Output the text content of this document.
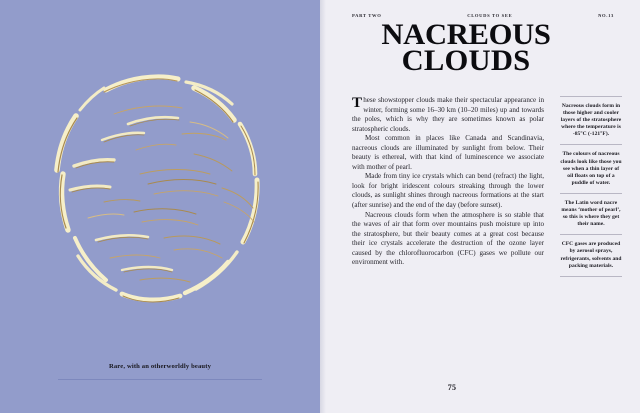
Rare, with an otherworldly beauty
PART TWO	CLOUDS TO SEE	NO.13
NACREOUS
CLOUDS

These showstopper clouds make their spectacular appearance in winter, forming some 16–30 km (10–20 miles) up and towards the poles, which is why they are sometimes known as polar stratospheric clouds.

Most common in places like Canada and Scandinavia, nacreous clouds are illuminated by sunlight from below. Their beauty is ethereal, with that kind of luminescence we associate with mother of pearl.

Made from tiny ice crystals which can bend (refract) the light, look for bright iridescent colours streaking through the lower clouds, as sunlight shines through nacreous formations at the start (after sunrise) and the end of the day (before sunset).

Nacreous clouds form when the atmosphere is so stable that the waves of air that form over mountains push moisture up into the stratosphere, but their beauty comes at a great cost because their ice crystals accelerate the destruction of the ozone layer caused by the chlorofluorocarbon (CFC) gases we pollute our environment with.

Nacreous clouds form in those higher and cooler layers of the stratosphere where the temperature is -85°C (-121°F).
The colours of nacreous clouds look like those you see when a thin layer of oil floats on top of a puddle of water.
The Latin word nacre means ‘mother of pearl’, so this is where they get their name.
CFC gases are produced by aerosol sprays, refrigerants, solvents and packing materials.
75
